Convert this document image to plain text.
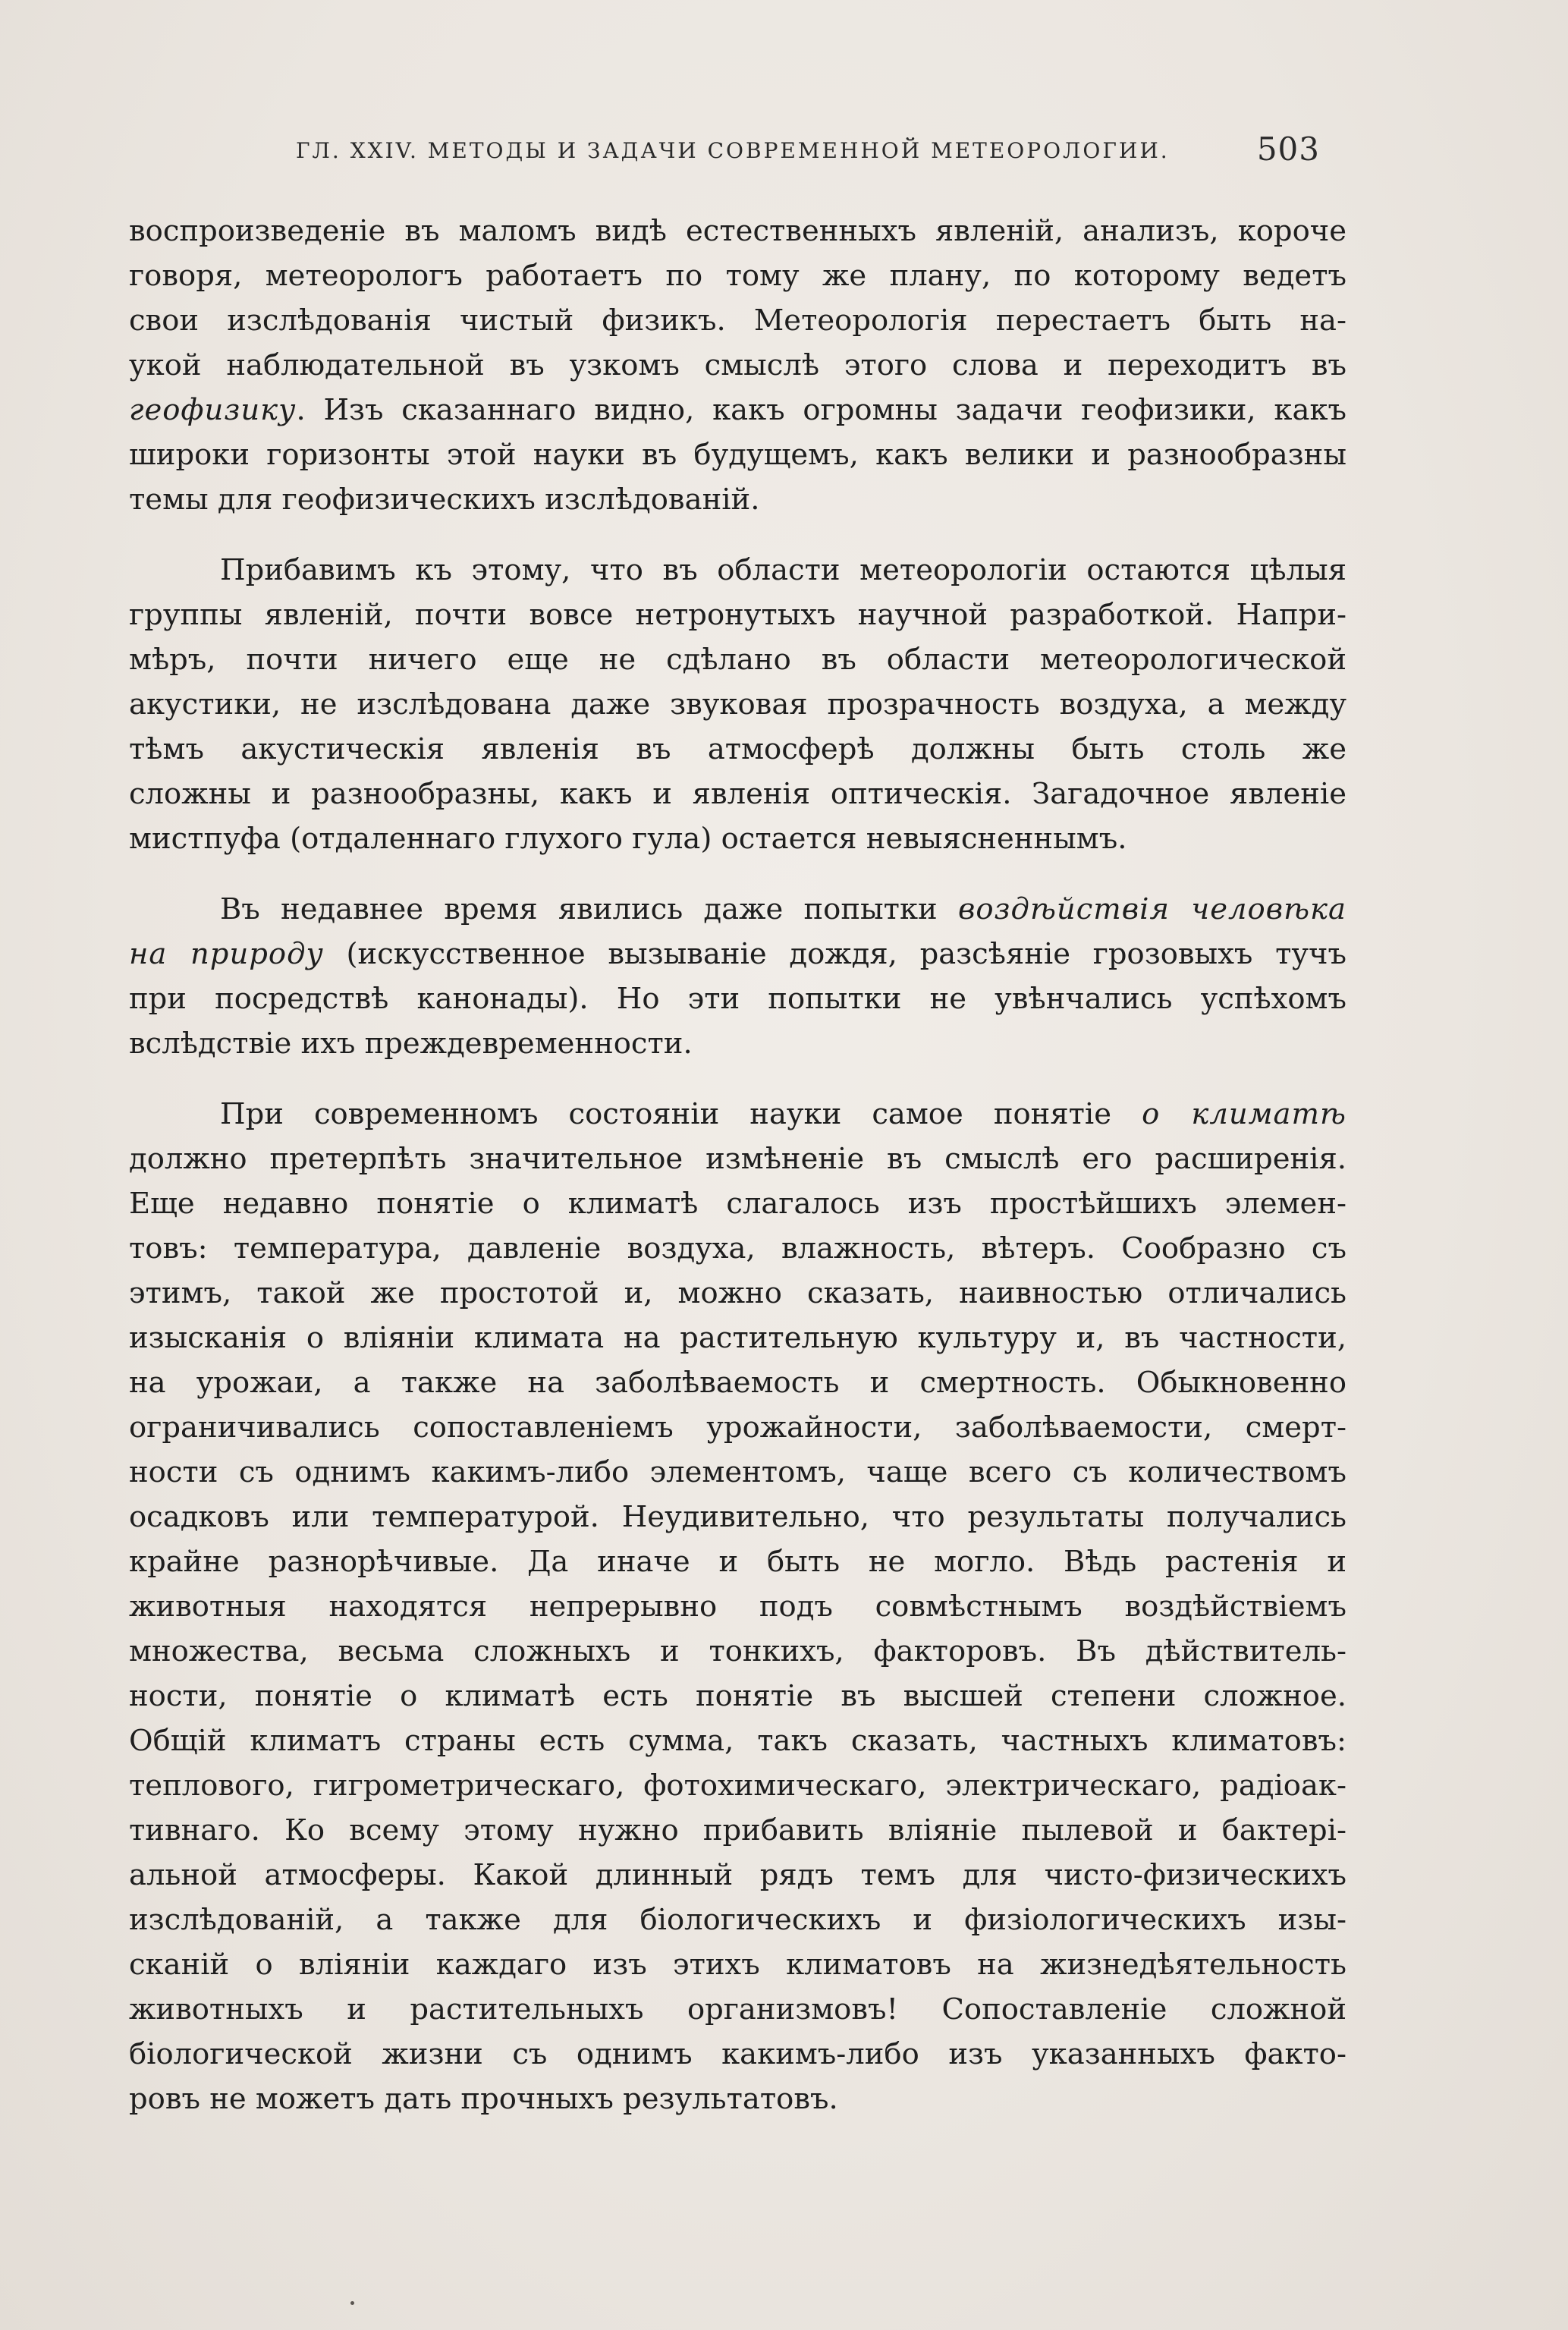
ГЛ. XXIV. МЕТОДЫ И ЗАДАЧИ СОВРЕМЕННОЙ МЕТЕОРОЛОГИИ.	503
воспроизведенiе въ маломъ видѣ естественныхъ явленiй, анализъ, короче
говоря, метеорологъ работаетъ по тому же плану, по которому ведетъ
свои изслѣдованiя чистый физикъ. Метеорологiя перестаетъ быть на-
укой наблюдательной въ узкомъ смыслѣ этого слова и переходитъ въ
геофизику. Изъ сказаннаго видно, какъ огромны задачи геофизики, какъ
широки горизонты этой науки въ будущемъ, какъ велики и разнообразны
темы для геофизическихъ изслѣдованiй.
Прибавимъ къ этому, что въ области метеорологiи остаются цѣлыя
группы явленiй, почти вовсе нетронутыхъ научной разработкой. Напри-
мѣръ, почти ничего еще не сдѣлано въ области метеорологической
акустики, не изслѣдована даже звуковая прозрачность воздуха, а между
тѣмъ акустическiя явленiя въ атмосферѣ должны быть столь же
сложны и разнообразны, какъ и явленiя оптическiя. Загадочное явленiе
мистпуфа (отдаленнаго глухого гула) остается невыясненнымъ.
Въ недавнее время явились даже попытки воздѣйствiя человѣка
на природу (искусственное вызыванiе дождя, разсѣянiе грозовыхъ тучъ
при посредствѣ канонады). Но эти попытки не увѣнчались успѣхомъ
вслѣдствiе ихъ преждевременности.
При современномъ состоянiи науки самое понятiе о климатѣ
должно претерпѣть значительное измѣненiе въ смыслѣ его расширенiя.
Еще недавно понятiе о климатѣ слагалось изъ простѣйшихъ элемен-
товъ: температура, давленiе воздуха, влажность, вѣтеръ. Сообразно съ
этимъ, такой же простотой и, можно сказать, наивностью отличались
изысканiя о влiянiи климата на растительную культуру и, въ частности,
на урожаи, а также на заболѣваемость и смертность. Обыкновенно
ограничивались сопоставленiемъ урожайности, заболѣваемости, смерт-
ности съ однимъ какимъ-либо элементомъ, чаще всего съ количествомъ
осадковъ или температурой. Неудивительно, что результаты получались
крайне разнорѣчивые. Да иначе и быть не могло. Вѣдь растенiя и
животныя находятся непрерывно подъ совмѣстнымъ воздѣйствiемъ
множества, весьма сложныхъ и тонкихъ, факторовъ. Въ дѣйствитель-
ности, понятiе о климатѣ есть понятiе въ высшей степени сложное.
Общiй климатъ страны есть сумма, такъ сказать, частныхъ климатовъ:
теплового, гигрометрическаго, фотохимическаго, электрическаго, радiоак-
тивнаго. Ко всему этому нужно прибавить влiянiе пылевой и бактерi-
альной атмосферы. Какой длинный рядъ темъ для чисто-физическихъ
изслѣдованiй, а также для бiологическихъ и физiологическихъ изы-
сканiй о влiянiи каждаго изъ этихъ климатовъ на жизнедѣятельность
животныхъ и растительныхъ организмовъ! Сопоставленiе сложной
бiологической жизни съ однимъ какимъ-либо изъ указанныхъ факто-
ровъ не можетъ дать прочныхъ результатовъ.
